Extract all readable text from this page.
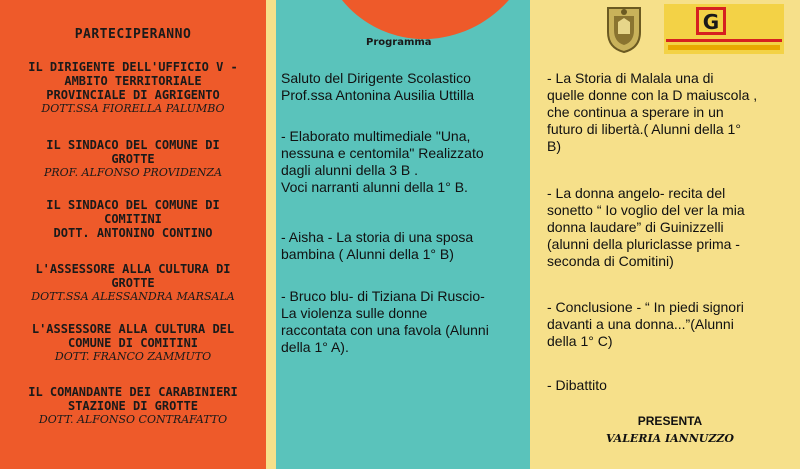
PARTECIPERANNO
IL DIRIGENTE DELL'UFFICIO V -
AMBITO TERRITORIALE
PROVINCIALE DI AGRIGENTO
DOTT.SSA FIORELLA PALUMBO
IL SINDACO DEL COMUNE DI
GROTTE
PROF. ALFONSO PROVIDENZA
IL SINDACO DEL COMUNE DI
COMITINI
DOTT. ANTONINO CONTINO
L'ASSESSORE ALLA CULTURA DI
GROTTE
DOTT.SSA ALESSANDRA MARSALA
L'ASSESSORE ALLA CULTURA DEL
COMUNE DI COMITINI
DOTT. FRANCO ZAMMUTO
IL COMANDANTE DEI CARABINIERI
STAZIONE DI GROTTE
DOTT. ALFONSO CONTRAFATTO
Programma
Saluto del Dirigente Scolastico
Prof.ssa Antonina Ausilia Uttilla
- Elaborato multimediale "Una,
nessuna e centomila" Realizzato
dagli alunni della 3 B .
Voci narranti alunni della 1° B.
- Aisha - La storia di una sposa
bambina ( Alunni della 1° B)
- Bruco blu- di Tiziana Di Ruscio-
La violenza sulle donne
raccontata con una favola (Alunni
della 1° A).
- La Storia di Malala una di
quelle donne con la D maiuscola ,
che continua a sperare in un
futuro di libertà.( Alunni della 1°
B)
- La donna angelo- recita del
sonetto “ Io voglio del ver la mia
donna laudare” di Guinizzelli
(alunni della pluriclasse prima -
seconda di Comitini)
- Conclusione - “ In piedi signori
davanti a una donna...”(Alunni
della 1° C)
- Dibattito
PRESENTA
VALERIA IANNUZZO
G
